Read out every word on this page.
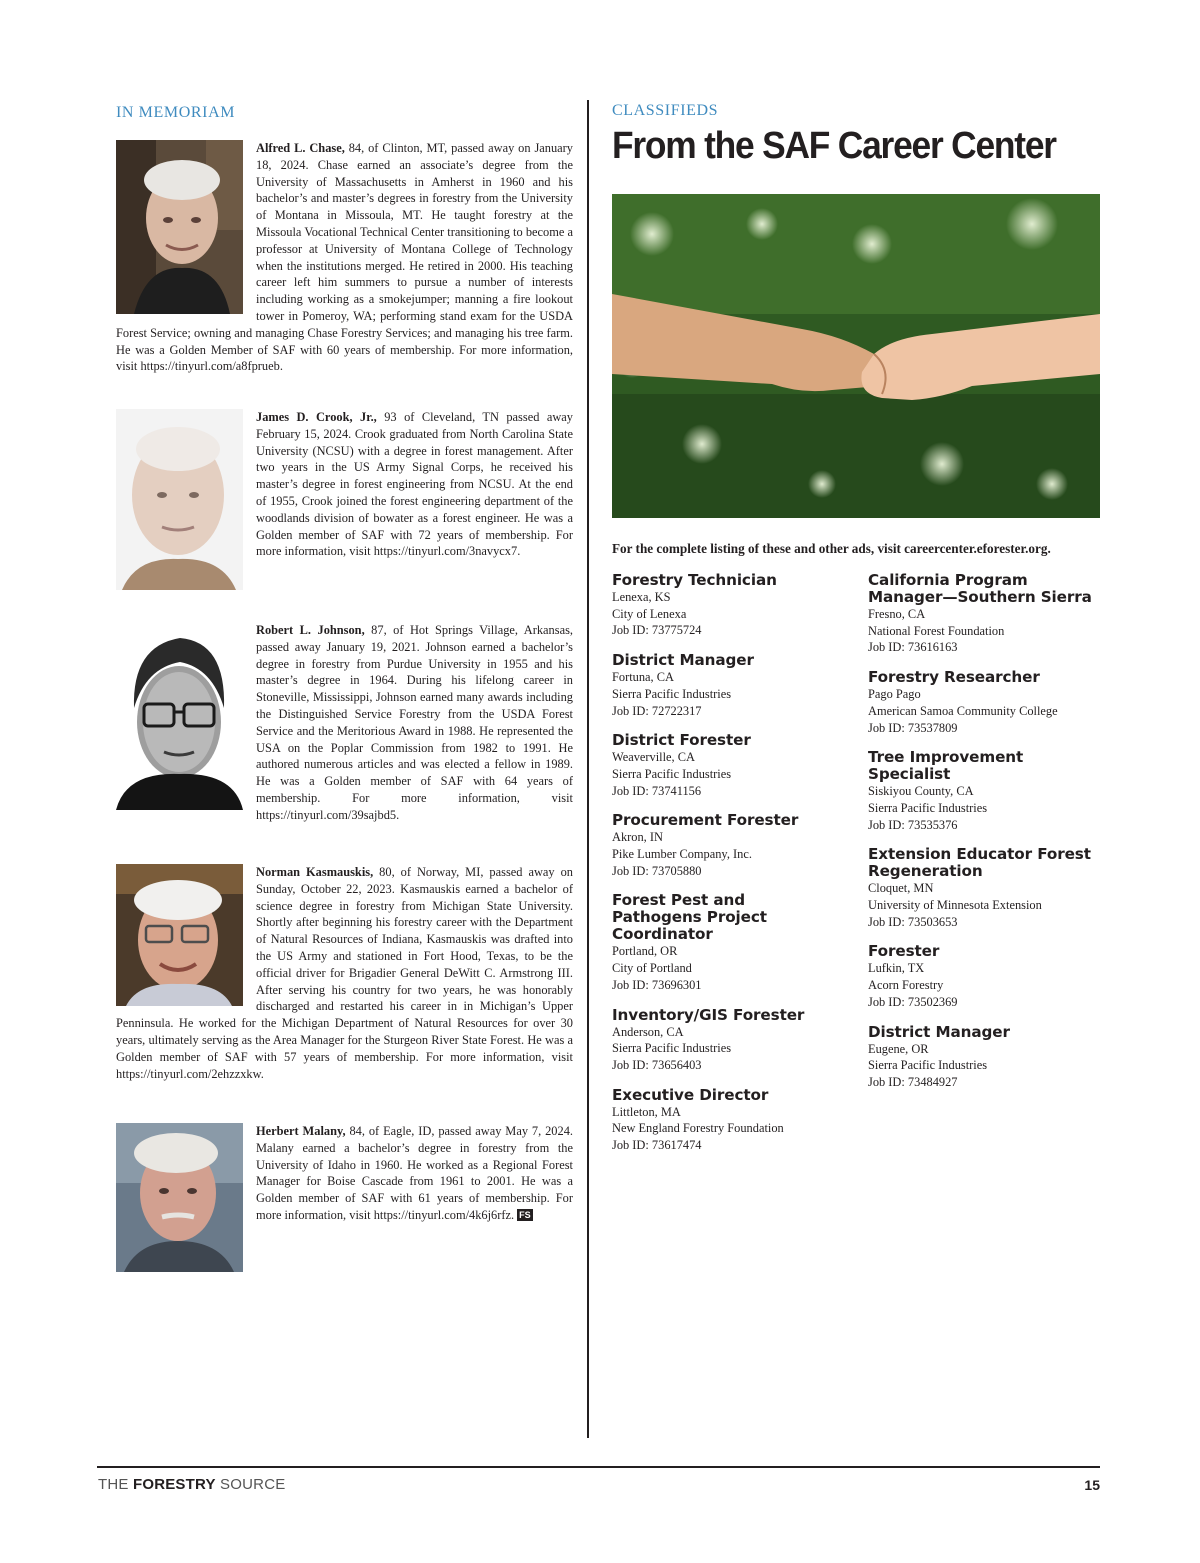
IN MEMORIAM
Alfred L. Chase, 84, of Clinton, MT, passed away on January 18, 2024. Chase earned an associate’s degree from the University of Massachusetts in Amherst in 1960 and his bachelor’s and master’s degrees in forestry from the University of Montana in Missoula, MT. He taught forestry at the Missoula Vocational Technical Center transitioning to become a professor at University of Montana College of Technology when the institutions merged. He retired in 2000. His teaching career left him summers to pursue a number of interests including working as a smokejumper; manning a fire lookout tower in Pomeroy, WA; performing stand exam for the USDA Forest Service; owning and managing Chase Forestry Services; and managing his tree farm. He was a Golden Member of SAF with 60 years of membership. For more information, visit https://tinyurl.com/a8fprueb.
James D. Crook, Jr., 93 of Cleveland, TN passed away February 15, 2024. Crook graduated from North Carolina State University (NCSU) with a degree in forest management. After two years in the US Army Signal Corps, he received his master’s degree in forest engineering from NCSU. At the end of 1955, Crook joined the forest engineering department of the woodlands division of bowater as a forest engineer. He was a Golden member of SAF with 72 years of membership. For more information, visit https://tinyurl.com/3navycx7.
Robert L. Johnson, 87, of Hot Springs Village, Arkansas, passed away January 19, 2021. Johnson earned a bachelor’s degree in forestry from Purdue University in 1955 and his master’s degree in 1964. During his lifelong career in Stoneville, Mississippi, Johnson earned many awards including the Distinguished Service Forestry from the USDA Forest Service and the Meritorious Award in 1988. He represented the USA on the Poplar Commission from 1982 to 1991. He authored numerous articles and was elected a fellow in 1989. He was a Golden member of SAF with 64 years of membership. For more information, visit https://tinyurl.com/39sajbd5.
Norman Kasmauskis, 80, of Norway, MI, passed away on Sunday, October 22, 2023. Kasmauskis earned a bachelor of science degree in forestry from Michigan State University. Shortly after beginning his forestry career with the Department of Natural Resources of Indiana, Kasmauskis was drafted into the US Army and stationed in Fort Hood, Texas, to be the official driver for Brigadier General DeWitt C. Armstrong III. After serving his country for two years, he was honorably discharged and restarted his career in in Michigan’s Upper Penninsula. He worked for the Michigan Department of Natural Resources for over 30 years, ultimately serving as the Area Manager for the Sturgeon River State Forest. He was a Golden member of SAF with 57 years of membership. For more information, visit https://tinyurl.com/2ehzzxkw.
Herbert Malany, 84, of Eagle, ID, passed away May 7, 2024. Malany earned a bachelor’s degree in forestry from the University of Idaho in 1960. He worked as a Regional Forest Manager for Boise Cascade from 1961 to 2001. He was a Golden member of SAF with 61 years of membership. For more information, visit https://tinyurl.com/4k6j6rfz. FS
CLASSIFIEDS
From the SAF Career Center
For the complete listing of these and other ads, visit careercenter.eforester.org.
Forestry Technician
Lenexa, KS
City of Lenexa
Job ID: 73775724
District Manager
Fortuna, CA
Sierra Pacific Industries
Job ID: 72722317
District Forester
Weaverville, CA
Sierra Pacific Industries
Job ID: 73741156
Procurement Forester
Akron, IN
Pike Lumber Company, Inc.
Job ID: 73705880
Forest Pest and Pathogens Project Coordinator
Portland, OR
City of Portland
Job ID: 73696301
Inventory/GIS Forester
Anderson, CA
Sierra Pacific Industries
Job ID: 73656403
Executive Director
Littleton, MA
New England Forestry Foundation
Job ID: 73617474
California Program Manager—Southern Sierra
Fresno, CA
National Forest Foundation
Job ID: 73616163
Forestry Researcher
Pago Pago
American Samoa Community College
Job ID: 73537809
Tree Improvement Specialist
Siskiyou County, CA
Sierra Pacific Industries
Job ID: 73535376
Extension Educator Forest Regeneration
Cloquet, MN
University of Minnesota Extension
Job ID: 73503653
Forester
Lufkin, TX
Acorn Forestry
Job ID: 73502369
District Manager
Eugene, OR
Sierra Pacific Industries
Job ID: 73484927
THE FORESTRY SOURCE	15
